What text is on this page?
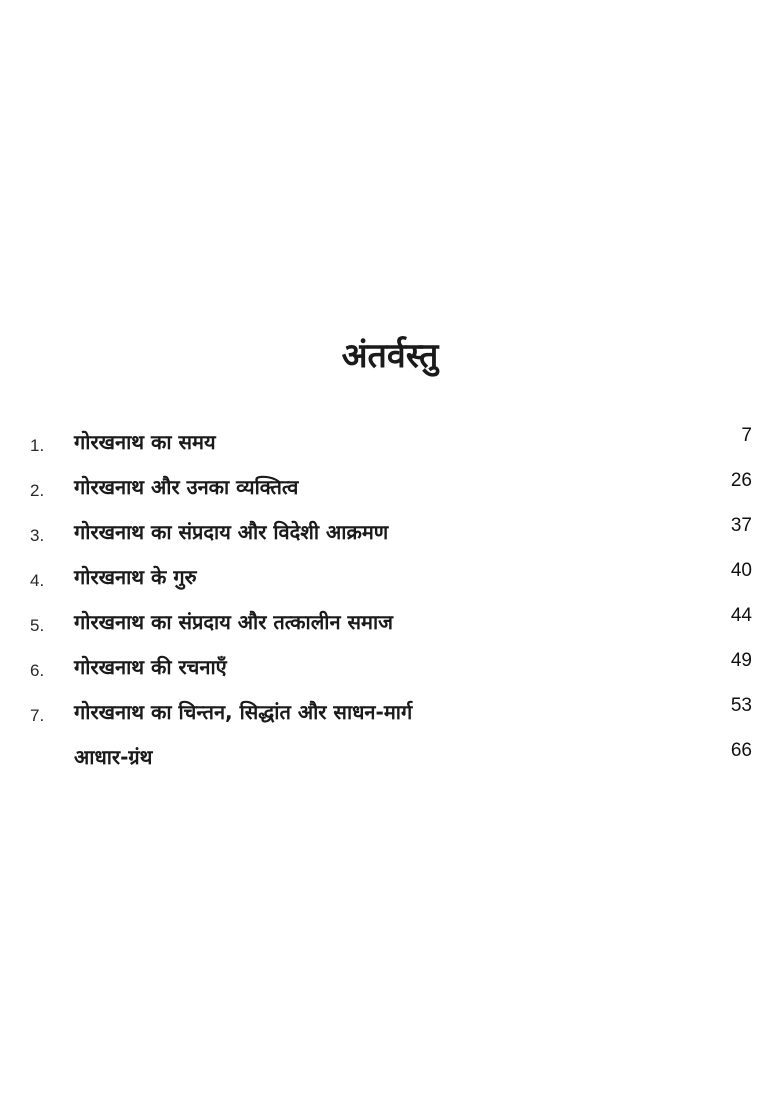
अंतर्वस्तु
1. गोरखनाथ का समय	7
2. गोरखनाथ और उनका व्यक्तित्व	26
3. गोरखनाथ का संप्रदाय और विदेशी आक्रमण	37
4. गोरखनाथ के गुरु	40
5. गोरखनाथ का संप्रदाय और तत्कालीन समाज	44
6. गोरखनाथ की रचनाएँ	49
7. गोरखनाथ का चिन्तन, सिद्धांत और साधन-मार्ग	53
आधार-ग्रंथ	66
